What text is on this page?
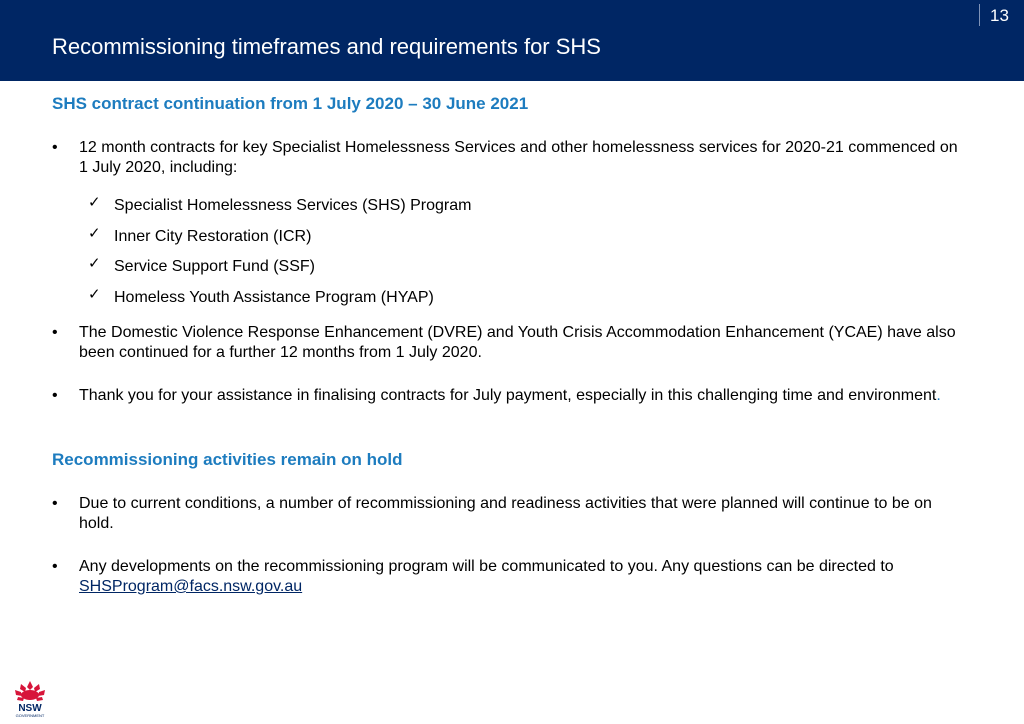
Recommissioning timeframes and requirements for SHS
13
SHS contract continuation from 1 July 2020 – 30 June 2021
• 12 month contracts for key Specialist Homelessness Services and other homelessness services for 2020-21 commenced on 1 July 2020, including:
✓ Specialist Homelessness Services (SHS) Program
✓ Inner City Restoration (ICR)
✓ Service Support Fund (SSF)
✓ Homeless Youth Assistance Program (HYAP)
• The Domestic Violence Response Enhancement (DVRE) and Youth Crisis Accommodation Enhancement (YCAE) have also been continued for a further 12 months from 1 July 2020.
• Thank you for your assistance in finalising contracts for July payment, especially in this challenging time and environment.
Recommissioning activities remain on hold
• Due to current conditions, a number of recommissioning and readiness activities that were planned will continue to be on hold.
• Any developments on the recommissioning program will be communicated to you. Any questions can be directed to
SHSProgram@facs.nsw.gov.au
NSW
GOVERNMENT
